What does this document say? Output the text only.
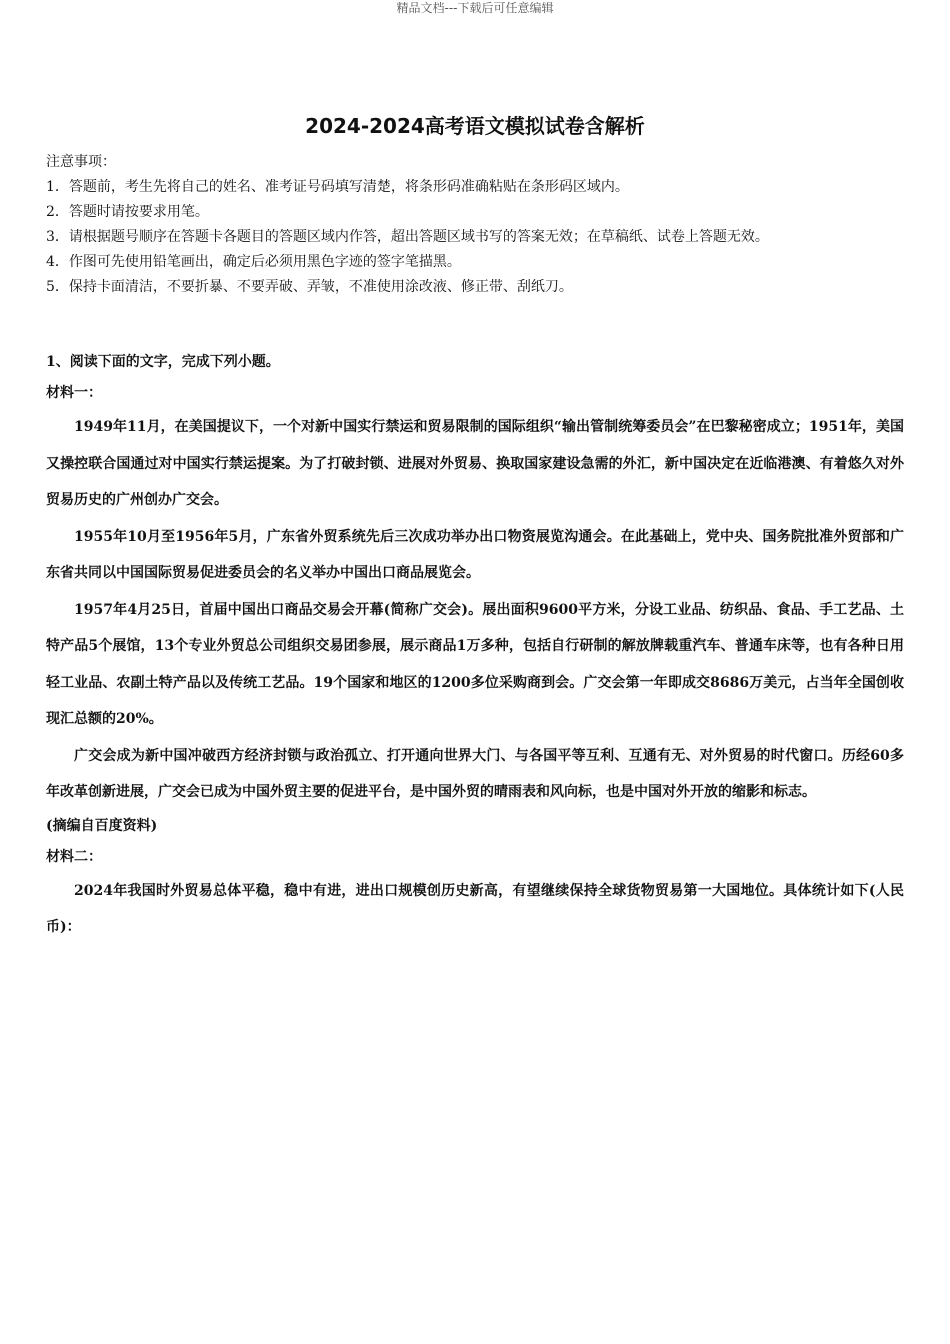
精品文档---下载后可任意编辑
2024-2024高考语文模拟试卷含解析
注意事项：
1．答题前，考生先将自己的姓名、准考证号码填写清楚，将条形码准确粘贴在条形码区域内。
2．答题时请按要求用笔。
3．请根据题号顺序在答题卡各题目的答题区域内作答，超出答题区域书写的答案无效；在草稿纸、试卷上答题无效。
4．作图可先使用铅笔画出，确定后必须用黑色字迹的签字笔描黑。
5．保持卡面清洁，不要折暴、不要弄破、弄皱，不准使用涂改液、修正带、刮纸刀。
1、阅读下面的文字，完成下列小题。
材料一：

1949年11月，在美国提议下，一个对新中国实行禁运和贸易限制的国际组织“输出管制统筹委员会”在巴黎秘密成立；1951年，美国又操控联合国通过对中国实行禁运提案。为了打破封锁、进展对外贸易、换取国家建设急需的外汇，新中国决定在近临港澳、有着悠久对外贸易历史的广州创办广交会。

1955年10月至1956年5月，广东省外贸系统先后三次成功举办出口物资展览沟通会。在此基础上，党中央、国务院批准外贸部和广东省共同以中国国际贸易促进委员会的名义举办中国出口商品展览会。

1957年4月25日，首届中国出口商品交易会开幕(简称广交会)。展出面积9600平方米，分设工业品、纺织品、食品、手工艺品、土特产品5个展馆，13个专业外贸总公司组织交易团参展，展示商品1万多种，包括自行研制的解放牌载重汽车、普通车床等，也有各种日用轻工业品、农副土特产品以及传统工艺品。19个国家和地区的1200多位采购商到会。广交会第一年即成交8686万美元，占当年全国创收现汇总额的20%。

广交会成为新中国冲破西方经济封锁与政治孤立、打开通向世界大门、与各国平等互利、互通有无、对外贸易的时代窗口。历经60多年改革创新进展，广交会已成为中国外贸主要的促进平台，是中国外贸的晴雨表和风向标，也是中国对外开放的缩影和标志。

(摘编自百度资料)
材料二：

2024年我国时外贸易总体平稳，稳中有进，进出口规模创历史新高，有望继续保持全球货物贸易第一大国地位。具体统计如下(人民币)：
